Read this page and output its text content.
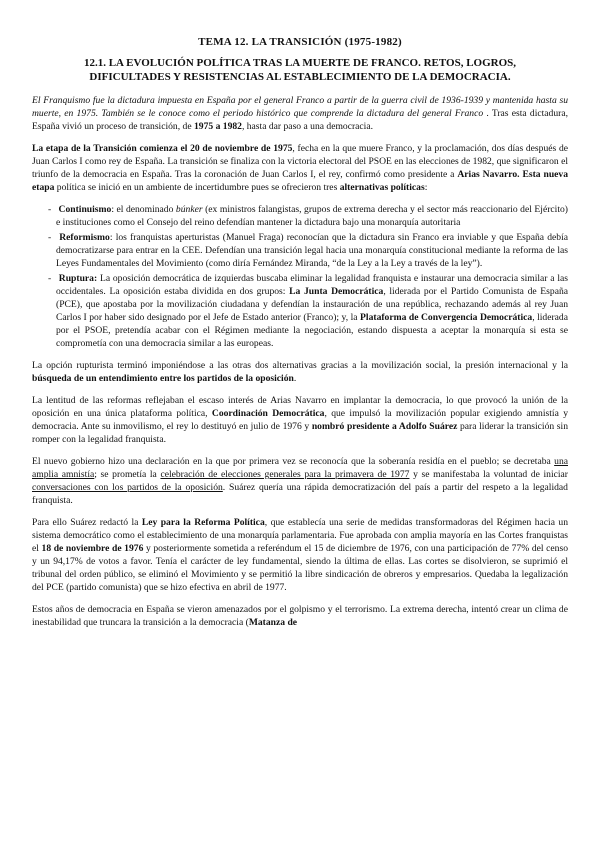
TEMA 12. LA TRANSICIÓN (1975-1982)
12.1. LA EVOLUCIÓN POLÍTICA TRAS LA MUERTE DE FRANCO. RETOS, LOGROS, DIFICULTADES Y RESISTENCIAS AL ESTABLECIMIENTO DE LA DEMOCRACIA.

El Franquismo fue la dictadura impuesta en España por el general Franco a partir de la guerra civil de 1936-1939 y mantenida hasta su muerte, en 1975. También se le conoce como el periodo histórico que comprende la dictadura del general Franco . Tras esta dictadura, España vivió un proceso de transición, de 1975 a 1982, hasta dar paso a una democracia.

La etapa de la Transición comienza el 20 de noviembre de 1975, fecha en la que muere Franco, y la proclamación, dos días después de Juan Carlos I como rey de España. La transición se finaliza con la victoria electoral del PSOE en las elecciones de 1982, que significaron el triunfo de la democracia en España. Tras la coronación de Juan Carlos I, el rey, confirmó como presidente a Arias Navarro. Esta nueva etapa política se inició en un ambiente de incertidumbre pues se ofrecieron tres alternativas políticas:

- Continuismo: el denominado búnker (ex ministros falangistas, grupos de extrema derecha y el sector más reaccionario del Ejército) e instituciones como el Consejo del reino defendían mantener la dictadura bajo una monarquía autoritaria
- Reformismo: los franquistas aperturistas (Manuel Fraga) reconocían que la dictadura sin Franco era inviable y que España debía democratizarse para entrar en la CEE. Defendían una transición legal hacia una monarquía constitucional mediante la reforma de las Leyes Fundamentales del Movimiento (como diría Fernández Miranda, “de la Ley a la Ley a través de la ley”).
- Ruptura: La oposición democrática de izquierdas buscaba eliminar la legalidad franquista e instaurar una democracia similar a las occidentales. La oposición estaba dividida en dos grupos: La Junta Democrática, liderada por el Partido Comunista de España (PCE), que apostaba por la movilización ciudadana y defendían la instauración de una república, rechazando además al rey Juan Carlos I por haber sido designado por el Jefe de Estado anterior (Franco); y, la Plataforma de Convergencia Democrática, liderada por el PSOE, pretendía acabar con el Régimen mediante la negociación, estando dispuesta a aceptar la monarquía si esta se comprometía con una democracia similar a las europeas.

La opción rupturista terminó imponiéndose a las otras dos alternativas gracias a la movilización social, la presión internacional y la búsqueda de un entendimiento entre los partidos de la oposición.

La lentitud de las reformas reflejaban el escaso interés de Arias Navarro en implantar la democracia, lo que provocó la unión de la oposición en una única plataforma política, Coordinación Democrática, que impulsó la movilización popular exigiendo amnistía y democracia. Ante su inmovilismo, el rey lo destituyó en julio de 1976 y nombró presidente a Adolfo Suárez para liderar la transición sin romper con la legalidad franquista.

El nuevo gobierno hizo una declaración en la que por primera vez se reconocía que la soberanía residía en el pueblo; se decretaba una amplia amnistía; se prometía la celebración de elecciones generales para la primavera de 1977 y se manifestaba la voluntad de iniciar conversaciones con los partidos de la oposición. Suárez quería una rápida democratización del país a partir del respeto a la legalidad franquista.

Para ello Suárez redactó la Ley para la Reforma Política, que establecía una serie de medidas transformadoras del Régimen hacia un sistema democrático como el establecimiento de una monarquía parlamentaria. Fue aprobada con amplia mayoría en las Cortes franquistas el 18 de noviembre de 1976 y posteriormente sometida a referéndum el 15 de diciembre de 1976, con una participación de 77% del censo y un 94,17% de votos a favor. Tenía el carácter de ley fundamental, siendo la última de ellas. Las cortes se disolvieron, se suprimió el tribunal del orden público, se eliminó el Movimiento y se permitió la libre sindicación de obreros y empresarios. Quedaba la legalización del PCE (partido comunista) que se hizo efectiva en abril de 1977.

Estos años de democracia en España se vieron amenazados por el golpismo y el terrorismo. La extrema derecha, intentó crear un clima de inestabilidad que truncara la transición a la democracia (Matanza de
